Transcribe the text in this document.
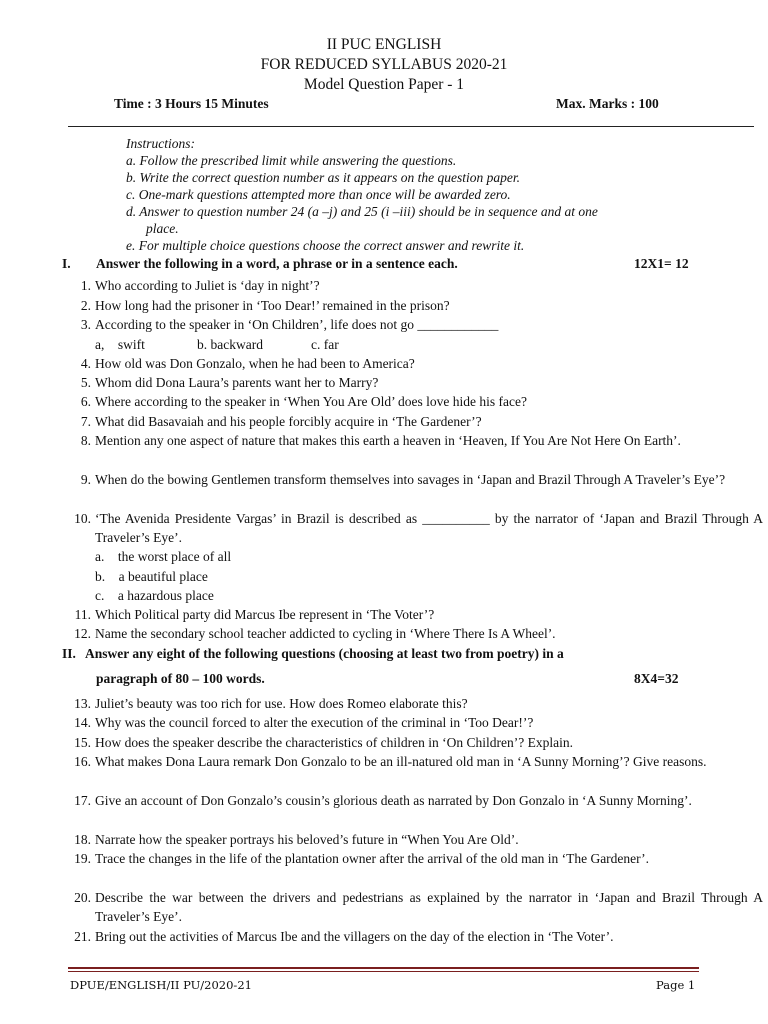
II PUC ENGLISH
FOR REDUCED SYLLABUS 2020-21
Model Question Paper - 1
Time : 3 Hours 15 Minutes	Max. Marks : 100
Instructions:
a. Follow the prescribed limit while answering the questions.
b. Write the correct question number as it appears on the question paper.
c. One-mark questions attempted more than once will be awarded zero.
d. Answer to question number 24 (a –j) and 25 (i –iii) should be in sequence and at one
place.
e. For multiple choice questions choose the correct answer and rewrite it.
I. Answer the following in a word, a phrase or in a sentence each.	12X1= 12
1. Who according to Juliet is ‘day in night’?
2. How long had the prisoner in ‘Too Dear!’ remained in the prison?
3. According to the speaker in ‘On Children’, life does not go ____________
a,    swift	b. backward	c. far
4. How old was Don Gonzalo, when he had been to America?
5. Whom did Dona Laura’s parents want her to Marry?
6. Where according to the speaker in ‘When You Are Old’ does love hide his face?
7. What did Basavaiah and his people forcibly acquire in ‘The Gardener’?
8. Mention any one aspect of nature that makes this earth a heaven in ‘Heaven, If You Are Not Here On Earth’.
9. When do the bowing Gentlemen transform themselves into savages in ‘Japan and Brazil Through A Traveler’s Eye’?
10. ‘The Avenida Presidente Vargas’ in Brazil is described as __________ by the narrator of ‘Japan and Brazil Through A Traveler’s Eye’.
a.    the worst place of all
b.    a beautiful place
c.    a hazardous place
11. Which Political party did Marcus Ibe represent in ‘The Voter’?
12. Name the secondary school teacher addicted to cycling in ‘Where There Is A Wheel’.
II. Answer any eight of the following questions (choosing at least two from poetry) in a
paragraph of 80 – 100 words.	8X4=32
13. Juliet’s beauty was too rich for use. How does Romeo elaborate this?
14. Why was the council forced to alter the execution of the criminal in ‘Too Dear!’?
15. How does the speaker describe the characteristics of children in ‘On Children’? Explain.
16. What makes Dona Laura remark Don Gonzalo to be an ill-natured old man in ‘A Sunny Morning’? Give reasons.
17. Give an account of Don Gonzalo’s cousin’s glorious death as narrated by Don Gonzalo in ‘A Sunny Morning’.
18. Narrate how the speaker portrays his beloved’s future in “When You Are Old’.
19. Trace the changes in the life of the plantation owner after the arrival of the old man in ‘The Gardener’.
20. Describe the war between the drivers and pedestrians as explained by the narrator in ‘Japan and Brazil Through A Traveler’s Eye’.
21. Bring out the activities of Marcus Ibe and the villagers on the day of the election in ‘The Voter’.
DPUE/ENGLISH/II PU/2020-21	Page 1
